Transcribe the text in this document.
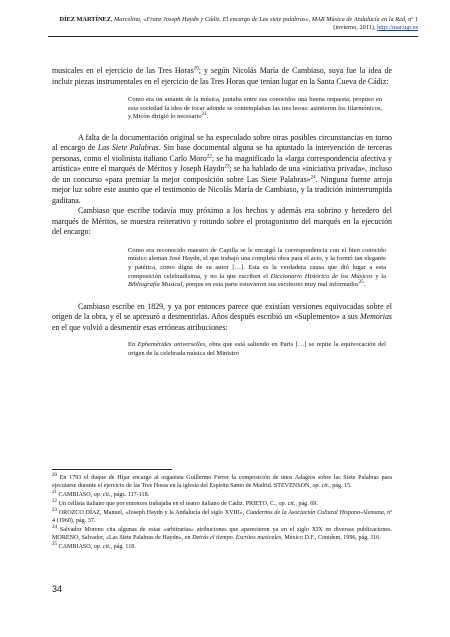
DÍEZ MARTÍNEZ, Marcelino, «Franz Joseph Haydn y Cádiz. El encargo de Las siete palabras», MAR Música de Andalucía en la Red, nº 1 (invierno, 2011), http://mar.ugr.es

musicales en el ejercicio de las Tres Horas$^{20}$; y según Nicolás María de Cambiaso, suya fue la idea de incluir piezas instrumentales en el ejercicio de las Tres Horas que tenían lugar en la Santa Cueva de Cádiz:

Como era un amante de la música, juntaba entre sus conocidos una buena orquesta; propuso en esta sociedad la idea de tocar adonde se contemplaban las tres horas: asintieron los filarmónicos, y Micón dirigió lo necesario$^{21}$.

A falta de la documentación original se ha especulado sobre otras posibles circunstancias en torno al encargo de Las Siete Palabras. Sin base documental alguna se ha apuntado la intervención de terceras personas, como el violinista italiano Carlo Moro$^{22}$; se ha magnificado la «larga correspondencia afectiva y artística» entre el marqués de Méritos y Joseph Haydn$^{23}$; se ha hablado de una «iniciativa privada», incluso de un concurso «para premiar la mejor composición sobre Las Siete Palabras»$^{24}$. Ninguna fuente arroja mejor luz sobre este asunto que el testimonio de Nicolás María de Cambiaso, y la tradición ininterrumpida gaditana.

Cambiaso que escribe todavía muy próximo a los hechos y además era sobrino y heredero del marqués de Méritos, se muestra reiterativo y rotundo sobre el protagonismo del marqués en la ejecución del encargo:

Como era reconocido maestro de Capilla se le encargó la correspondencia con el bien conocido músico aleman José Haydn, el que trabajó una completa obra para el acto, y la formó tan elegante y patética, como digna de su autor […]. Esta es la verdadera causa que dió lugar a esta composición celebradísima, y no la que escriben el Diccionario Histórico de los Músicos y la Bibliografía Musical, porque en esta parte estuvieron sus escritores muy mal informados$^{25}$.

Cambiaso escribe en 1829, y ya por entonces parece que existían versiones equivocadas sobre el origen de la obra, y él se apresuró a desmentirlas. Años después escribió un «Suplemento» a sus Memorias en el que volvió a desmentir esas erróneas atribuciones:

En Ephemérides universelles, obra que está saliendo en Paris […] se repite la equivocación del origen de la celebrada música del Ministro

$^{20}$ En 1793 el duque de Híjar encargó al organista Guillermo Ferrer la composición de unos Adagios sobre las Siete Palabras para ejecutarse durante el ejercicio de las Tres Horas en la iglesia del Espíritu Santo de Madrid. STEVENSON, op. cit., pág. 15.

$^{21}$ CAMBIASO, op. cit., págs. 117-118.

$^{22}$ Un cellista italiano que por entonces trabajaba en el teatro italiano de Cádiz. PRIETO, C., op. cit., pág. 69.

$^{23}$ OROZCO DÍAZ, Manuel, «Joseph Haydn y la Andalucía del siglo XVIII», Cuadernos de la Asociación Cultural Hispano-Alemana, nº 4 (1960), pág. 37.

$^{24}$ Salvador Moreno cita algunas de estas «arbitrarias» atribuciones que aparecieron ya en el siglo XIX en diversas publicaciones. MORENO, Salvador, «Las Siete Palabras de Haydn», en Detrás el tiempo. Escritos musicales, México D.F., Conidem, 1996, pág. 116.

$^{25}$ CAMBIASO, op. cit., pág. 118.

34
